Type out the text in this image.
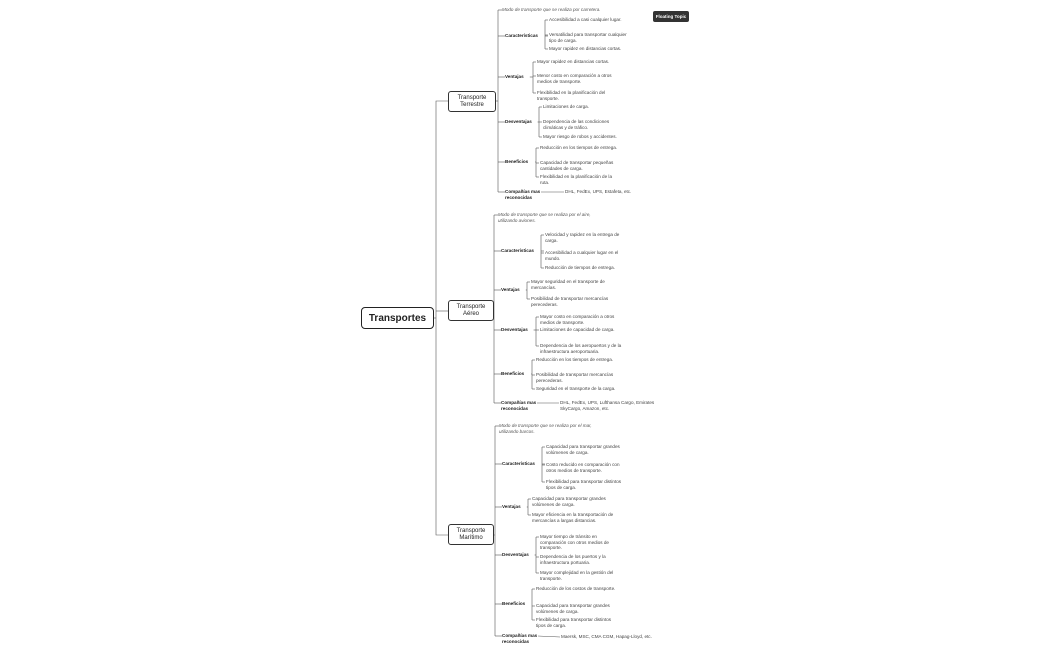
Transportes
Floating Topic
Transporte Terrestre
Modo de transporte que se realiza por carretera.
Características
Accesibilidad a casi cualquier lugar.
Versatilidad para transportar cualquier tipo de carga.
Mayor rapidez en distancias cortas.
Ventajas
Mayor rapidez en distancias cortas.
Menor costo en comparación a otros medios de transporte.
Flexibilidad en la planificación del transporte.
Desventajas
Limitaciones de carga.
Dependencia de las condiciones climáticas y de tráfico.
Mayor riesgo de robos y accidentes.
Beneficios
Reducción en los tiempos de entrega.
Capacidad de transportar pequeñas cantidades de carga.
Flexibilidad en la planificación de la ruta.
Compañías mas reconocidas
DHL, FedEx, UPS, Estafeta, etc.
Transporte Aéreo
Modo de transporte que se realiza por el aire, utilizando aviones.
Características
Velocidad y rapidez en la entrega de carga.
Accesibilidad a cualquier lugar en el mundo.
Reducción de tiempos de entrega.
Ventajas
Mayor seguridad en el transporte de mercancías.
Posibilidad de transportar mercancías perecederas.
Desventajas
Mayor costo en comparación a otros medios de transporte.
Limitaciones de capacidad de carga.
Dependencia de los aeropuertos y de la infraestructura aeroportuaria.
Beneficios
Reducción en los tiempos de entrega.
Posibilidad de transportar mercancías perecederas.
Seguridad en el transporte de la carga.
Compañías mas reconocidas
DHL, FedEx, UPS, Lufthansa Cargo, Emirates SkyCargo, Amazon, etc.
Transporte Marítimo
Modo de transporte que se realiza por el mar, utilizando barcos.
Características
Capacidad para transportar grandes volúmenes de carga.
Costo reducido en comparación con otros medios de transporte.
Flexibilidad para transportar distintos tipos de carga.
Ventajas
Capacidad para transportar grandes volúmenes de carga.
Mayor eficiencia en la transportación de mercancías a largas distancias.
Desventajas
Mayor tiempo de tránsito en comparación con otros medios de transporte.
Dependencia de los puertos y la infraestructura portuaria.
Mayor complejidad en la gestión del transporte.
Beneficios
Reducción de los costos de transporte.
Capacidad para transportar grandes volúmenes de carga.
Flexibilidad para transportar distintos tipos de carga.
Compañías mas reconocidas
Maersk, MSC, CMA CGM, Hapag-Lloyd, etc.
